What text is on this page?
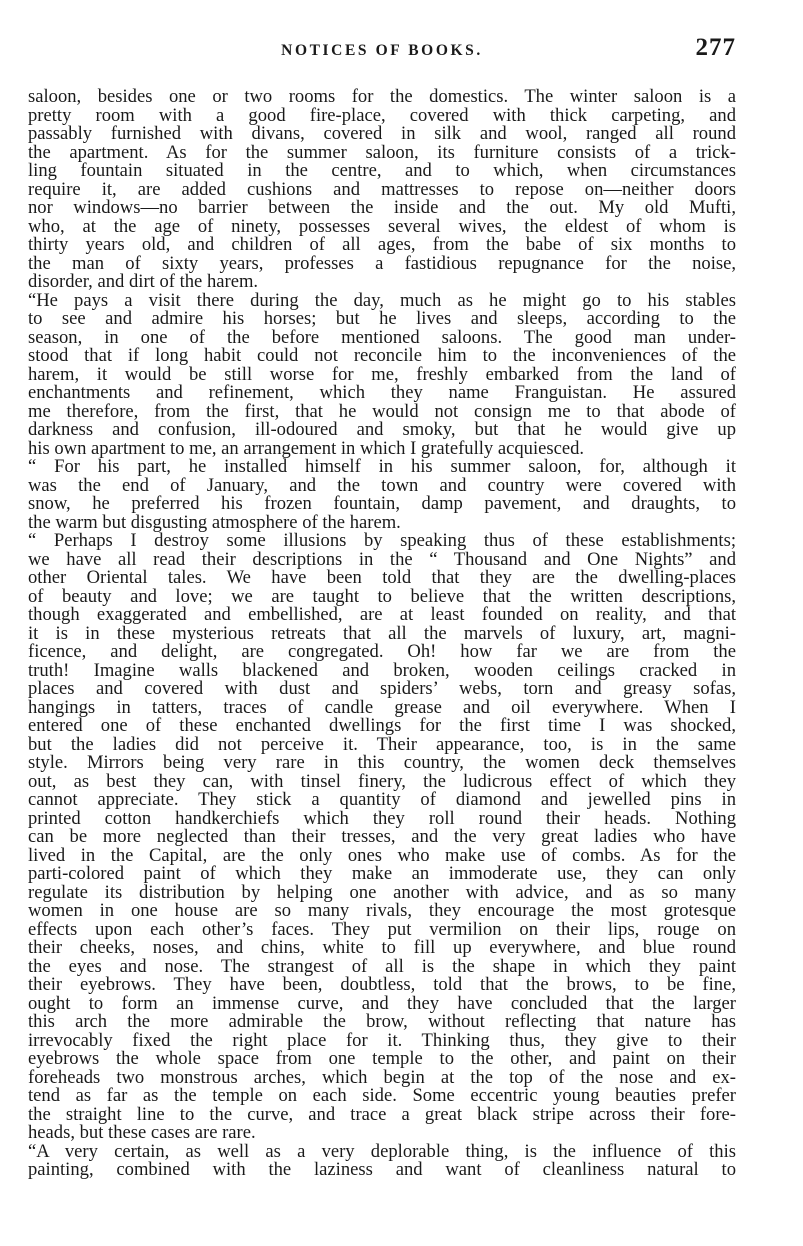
NOTICES OF BOOKS.	277
saloon, besides one or two rooms for the domestics. The winter saloon is a
pretty room with a good fire-place, covered with thick carpeting, and
passably furnished with divans, covered in silk and wool, ranged all round
the apartment. As for the summer saloon, its furniture consists of a trick-
ling fountain situated in the centre, and to which, when circumstances
require it, are added cushions and mattresses to repose on—neither doors
nor windows—no barrier between the inside and the out. My old Mufti,
who, at the age of ninety, possesses several wives, the eldest of whom is
thirty years old, and children of all ages, from the babe of six months to
the man of sixty years, professes a fastidious repugnance for the noise,
disorder, and dirt of the harem.
“He pays a visit there during the day, much as he might go to his stables
to see and admire his horses; but he lives and sleeps, according to the
season, in one of the before mentioned saloons. The good man under-
stood that if long habit could not reconcile him to the inconveniences of the
harem, it would be still worse for me, freshly embarked from the land of
enchantments and refinement, which they name Franguistan. He assured
me therefore, from the first, that he would not consign me to that abode of
darkness and confusion, ill-odoured and smoky, but that he would give up
his own apartment to me, an arrangement in which I gratefully acquiesced.
“ For his part, he installed himself in his summer saloon, for, although it
was the end of January, and the town and country were covered with
snow, he preferred his frozen fountain, damp pavement, and draughts, to
the warm but disgusting atmosphere of the harem.
“ Perhaps I destroy some illusions by speaking thus of these establishments;
we have all read their descriptions in the “ Thousand and One Nights” and
other Oriental tales. We have been told that they are the dwelling-places
of beauty and love; we are taught to believe that the written descriptions,
though exaggerated and embellished, are at least founded on reality, and that
it is in these mysterious retreats that all the marvels of luxury, art, magni-
ficence, and delight, are congregated. Oh! how far we are from the
truth! Imagine walls blackened and broken, wooden ceilings cracked in
places and covered with dust and spiders’ webs, torn and greasy sofas,
hangings in tatters, traces of candle grease and oil everywhere. When I
entered one of these enchanted dwellings for the first time I was shocked,
but the ladies did not perceive it. Their appearance, too, is in the same
style. Mirrors being very rare in this country, the women deck themselves
out, as best they can, with tinsel finery, the ludicrous effect of which they
cannot appreciate. They stick a quantity of diamond and jewelled pins in
printed cotton handkerchiefs which they roll round their heads. Nothing
can be more neglected than their tresses, and the very great ladies who have
lived in the Capital, are the only ones who make use of combs. As for the
parti-colored paint of which they make an immoderate use, they can only
regulate its distribution by helping one another with advice, and as so many
women in one house are so many rivals, they encourage the most grotesque
effects upon each other’s faces. They put vermilion on their lips, rouge on
their cheeks, noses, and chins, white to fill up everywhere, and blue round
the eyes and nose. The strangest of all is the shape in which they paint
their eyebrows. They have been, doubtless, told that the brows, to be fine,
ought to form an immense curve, and they have concluded that the larger
this arch the more admirable the brow, without reflecting that nature has
irrevocably fixed the right place for it. Thinking thus, they give to their
eyebrows the whole space from one temple to the other, and paint on their
foreheads two monstrous arches, which begin at the top of the nose and ex-
tend as far as the temple on each side. Some eccentric young beauties prefer
the straight line to the curve, and trace a great black stripe across their fore-
heads, but these cases are rare.
“A very certain, as well as a very deplorable thing, is the influence of this
painting, combined with the laziness and want of cleanliness natural to
